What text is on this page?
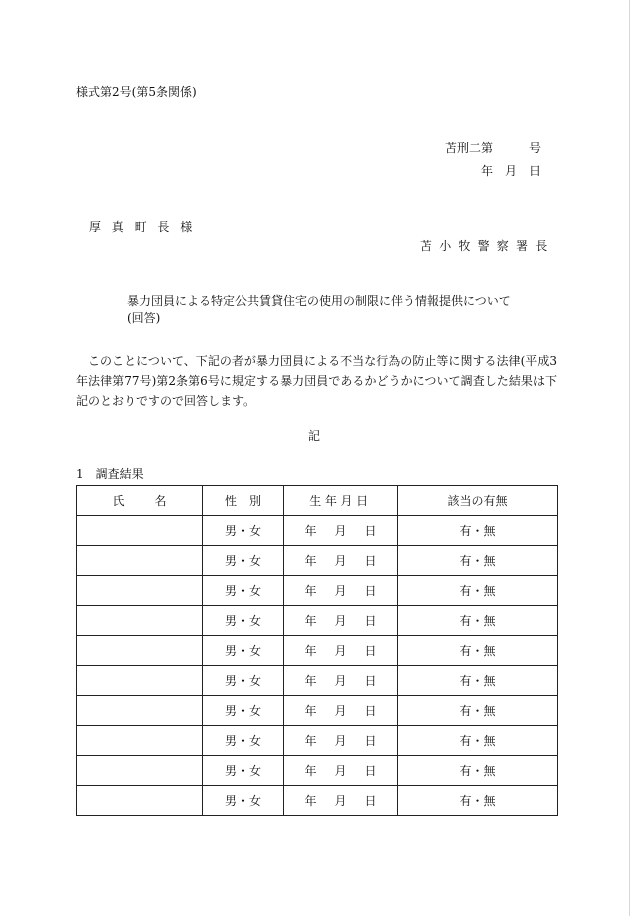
様式第2号(第5条関係)
苫刑二第　　　号
年　月　日
厚真町長様
苫小牧警察署長
暴力団員による特定公共賃貸住宅の使用の制限に伴う情報提供について
(回答)
このことについて、下記の者が暴力団員による不当な行為の防止等に関する法律(平成3年法律第77号)第2条第6号に規定する暴力団員であるかどうかについて調査した結果は下記のとおりですので回答します。
記
1　調査結果
氏名	性別	生年月日	該当の有無
	男・女	年 月 日	有・無
	男・女	年 月 日	有・無
	男・女	年 月 日	有・無
	男・女	年 月 日	有・無
	男・女	年 月 日	有・無
	男・女	年 月 日	有・無
	男・女	年 月 日	有・無
	男・女	年 月 日	有・無
	男・女	年 月 日	有・無
	男・女	年 月 日	有・無
